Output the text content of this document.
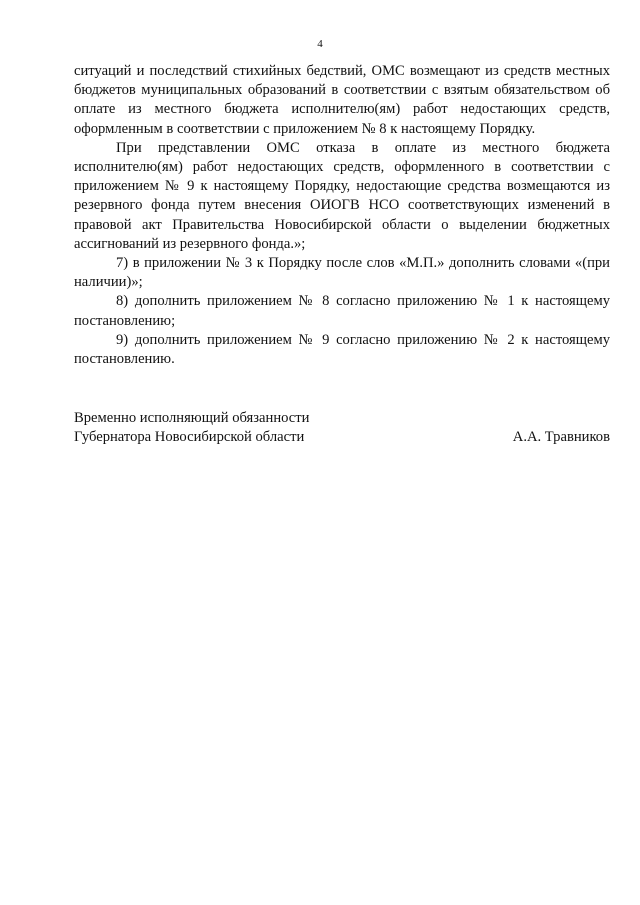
4

ситуаций и последствий стихийных бедствий, ОМС возмещают из средств местных бюджетов муниципальных образований в соответствии с взятым обязательством об оплате из местного бюджета исполнителю(ям) работ недостающих средств, оформленным в соответствии с приложением № 8 к настоящему Порядку.

При представлении ОМС отказа в оплате из местного бюджета исполнителю(ям) работ недостающих средств, оформленного в соответствии с приложением № 9 к настоящему Порядку, недостающие средства возмещаются из резервного фонда путем внесения ОИОГВ НСО соответствующих изменений в правовой акт Правительства Новосибирской области о выделении бюджетных ассигнований из резервного фонда.»;

7) в приложении № 3 к Порядку после слов «М.П.» дополнить словами «(при наличии)»;

8) дополнить приложением № 8 согласно приложению № 1 к настоящему постановлению;

9) дополнить приложением № 9 согласно приложению № 2 к настоящему постановлению.

Временно исполняющий обязанности
Губернатора Новосибирской области	А.А. Травников
